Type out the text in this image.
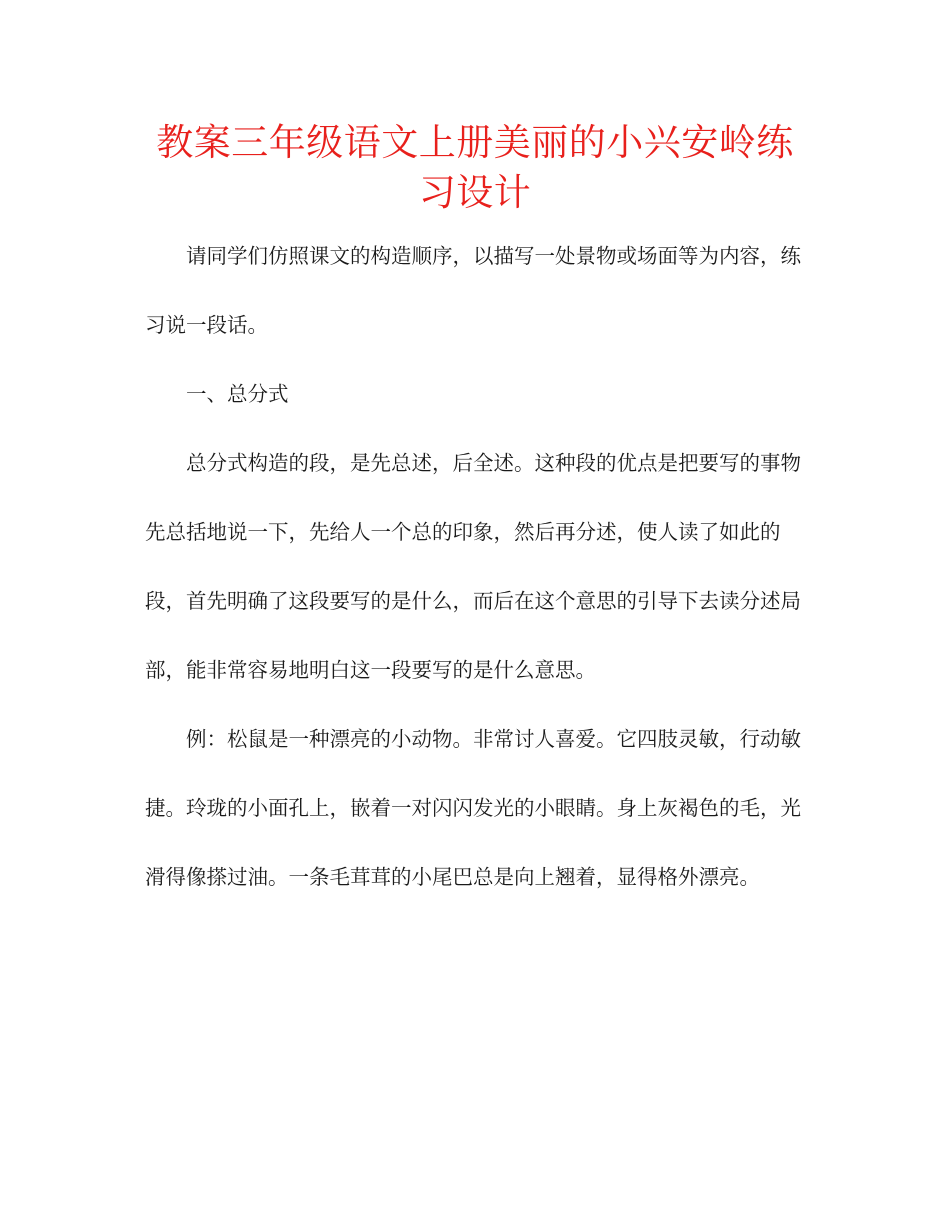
教案三年级语文上册美丽的小兴安岭练习设计

请同学们仿照课文的构造顺序，以描写一处景物或场面等为内容，练习说一段话。

一、总分式

总分式构造的段，是先总述，后全述。这种段的优点是把要写的事物先总括地说一下，先给人一个总的印象，然后再分述，使人读了如此的段，首先明确了这段要写的是什么，而后在这个意思的引导下去读分述局部，能非常容易地明白这一段要写的是什么意思。

例：松鼠是一种漂亮的小动物。非常讨人喜爱。它四肢灵敏，行动敏捷。玲珑的小面孔上，嵌着一对闪闪发光的小眼睛。身上灰褐色的毛，光滑得像搽过油。一条毛茸茸的小尾巴总是向上翘着，显得格外漂亮。
